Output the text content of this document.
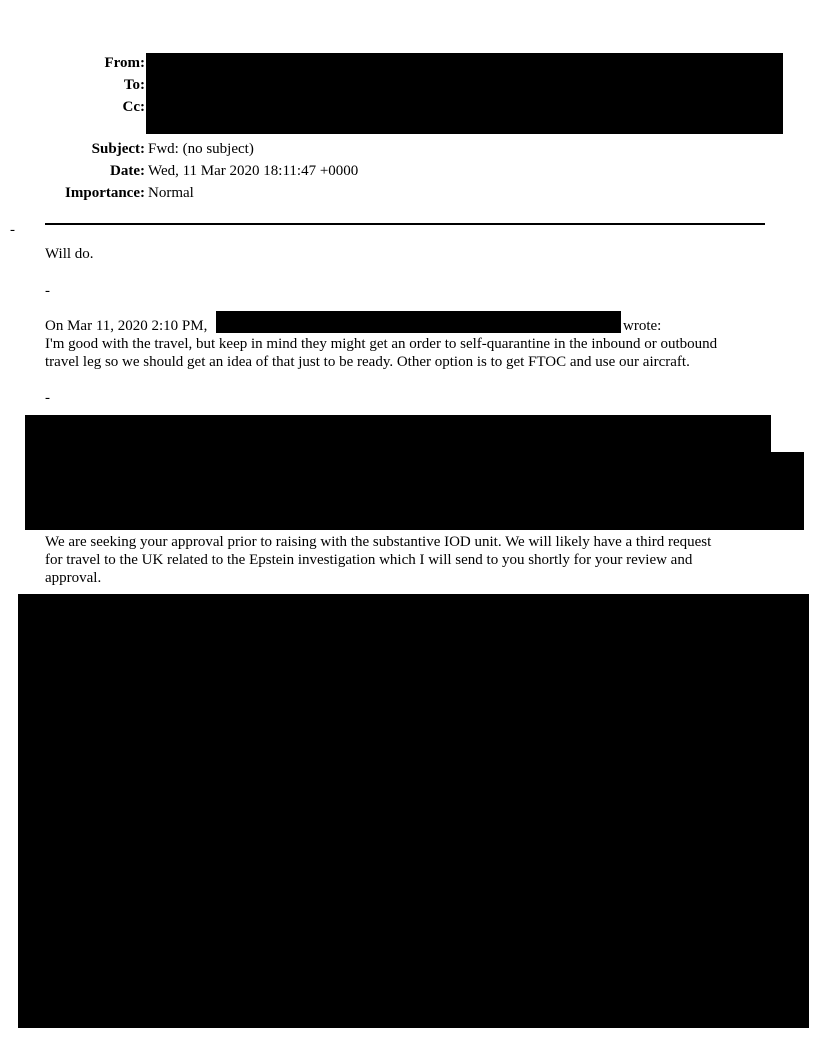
From:
To:
Cc:
Subject: Fwd: (no subject)
Date: Wed, 11 Mar 2020 18:11:47 +0000
Importance: Normal
-
Will do.
-
On Mar 11, 2020 2:10 PM,	wrote:
I'm good with the travel, but keep in mind they might get an order to self-quarantine in the inbound or outbound
travel leg so we should get an idea of that just to be ready. Other option is to get FTOC and use our aircraft.
-
We are seeking your approval prior to raising with the substantive IOD unit. We will likely have a third request
for travel to the UK related to the Epstein investigation which I will send to you shortly for your review and
approval.
